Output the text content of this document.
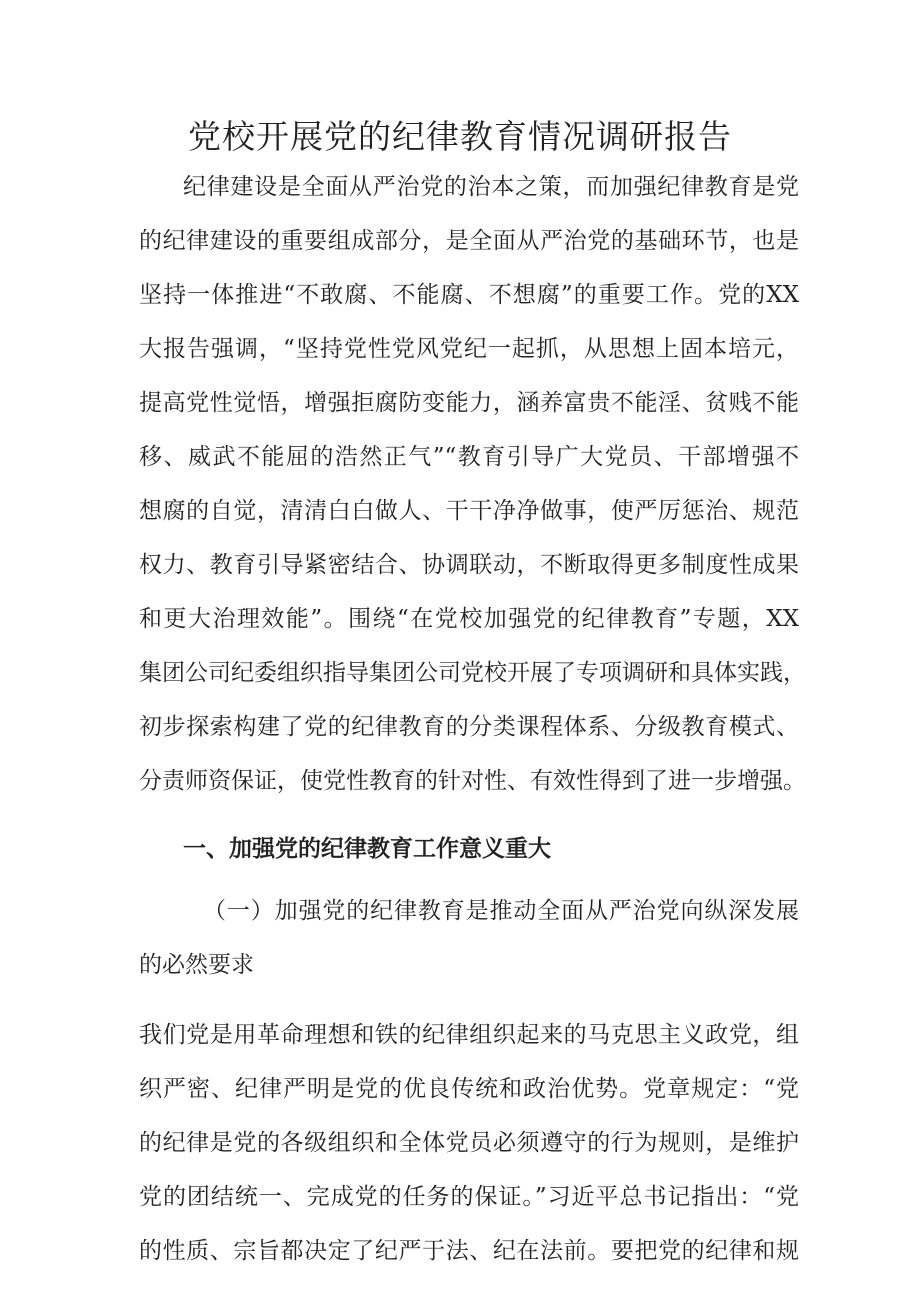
党校开展党的纪律教育情况调研报告

纪律建设是全面从严治党的治本之策，而加强纪律教育是党

的纪律建设的重要组成部分，是全面从严治党的基础环节，也是

坚持一体推进“不敢腐、不能腐、不想腐”的重要工作。党的XX

大报告强调，“坚持党性党风党纪一起抓，从思想上固本培元，

提高党性觉悟，增强拒腐防变能力，涵养富贵不能淫、贫贱不能

移、威武不能屈的浩然正气”“教育引导广大党员、干部增强不

想腐的自觉，清清白白做人、干干净净做事，使严厉惩治、规范

权力、教育引导紧密结合、协调联动，不断取得更多制度性成果

和更大治理效能”。围绕“在党校加强党的纪律教育”专题，XX

集团公司纪委组织指导集团公司党校开展了专项调研和具体实践，

初步探索构建了党的纪律教育的分类课程体系、分级教育模式、

分责师资保证，使党性教育的针对性、有效性得到了进一步增强。

一、加强党的纪律教育工作意义重大

（一）加强党的纪律教育是推动全面从严治党向纵深发展

的必然要求

我们党是用革命理想和铁的纪律组织起来的马克思主义政党，组

织严密、纪律严明是党的优良传统和政治优势。党章规定：“党

的纪律是党的各级组织和全体党员必须遵守的行为规则，是维护

党的团结统一、完成党的任务的保证。”习近平总书记指出：“党

的性质、宗旨都决定了纪严于法、纪在法前。要把党的纪律和规
